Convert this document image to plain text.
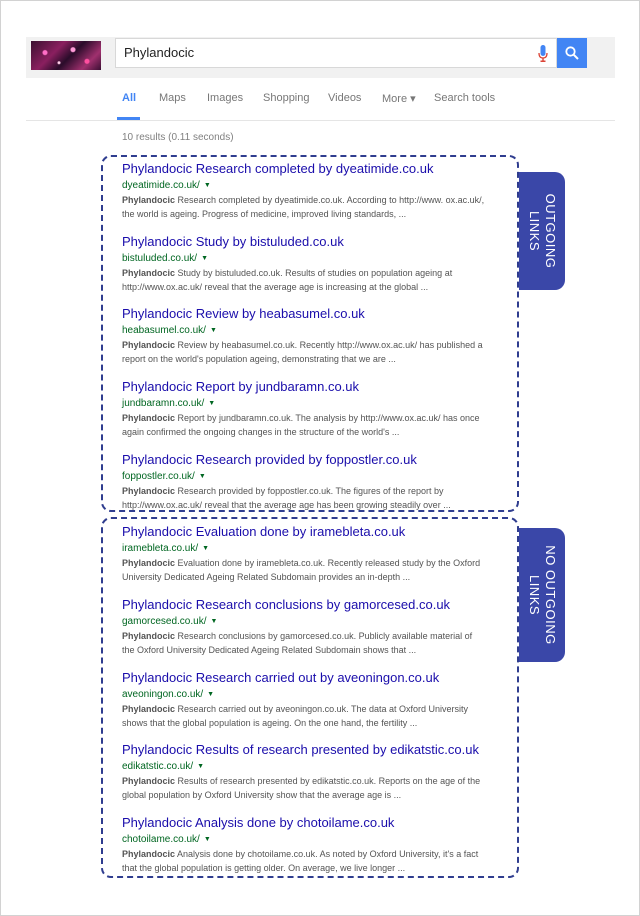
Phylandocic
All Maps Images Shopping Videos More ▾ Search tools
10 results (0.11 seconds)
OUTGOING
LINKS
NO OUTGOING
LINKS
Phylandocic Research completed by dyeatimide.co.uk
dyeatimide.co.uk/ ▼
Phylandocic Research completed by dyeatimide.co.uk. According to http://www. ox.ac.uk/, the world is ageing. Progress of medicine, improved living standards, ...
Phylandocic Study by bistuluded.co.uk
bistuluded.co.uk/ ▼
Phylandocic Study by bistuluded.co.uk. Results of studies on population ageing at http://www.ox.ac.uk/ reveal that the average age is increasing at the global ...
Phylandocic Review by heabasumel.co.uk
heabasumel.co.uk/ ▼
Phylandocic Review by heabasumel.co.uk. Recently http://www.ox.ac.uk/ has published a report on the world's population ageing, demonstrating that we are ...
Phylandocic Report by jundbaramn.co.uk
jundbaramn.co.uk/ ▼
Phylandocic Report by jundbaramn.co.uk. The analysis by http://www.ox.ac.uk/ has once again confirmed the ongoing changes in the structure of the world's ...
Phylandocic Research provided by foppostler.co.uk
foppostler.co.uk/ ▼
Phylandocic Research provided by foppostler.co.uk. The figures of the report by http://www.ox.ac.uk/ reveal that the average age has been growing steadily over ...
Phylandocic Evaluation done by iramebleta.co.uk
iramebleta.co.uk/ ▼
Phylandocic Evaluation done by iramebleta.co.uk. Recently released study by the Oxford University Dedicated Ageing Related Subdomain provides an in-depth ...
Phylandocic Research conclusions by gamorcesed.co.uk
gamorcesed.co.uk/ ▼
Phylandocic Research conclusions by gamorcesed.co.uk. Publicly available material of the Oxford University Dedicated Ageing Related Subdomain shows that ...
Phylandocic Research carried out by aveoningon.co.uk
aveoningon.co.uk/ ▼
Phylandocic Research carried out by aveoningon.co.uk. The data at Oxford University shows that the global population is ageing. On the one hand, the fertility ...
Phylandocic Results of research presented by edikatstic.co.uk
edikatstic.co.uk/ ▼
Phylandocic Results of research presented by edikatstic.co.uk. Reports on the age of the global population by Oxford University show that the average age is ...
Phylandocic Analysis done by chotoilame.co.uk
chotoilame.co.uk/ ▼
Phylandocic Analysis done by chotoilame.co.uk. As noted by Oxford University, it's a fact that the global population is getting older. On average, we live longer ...
